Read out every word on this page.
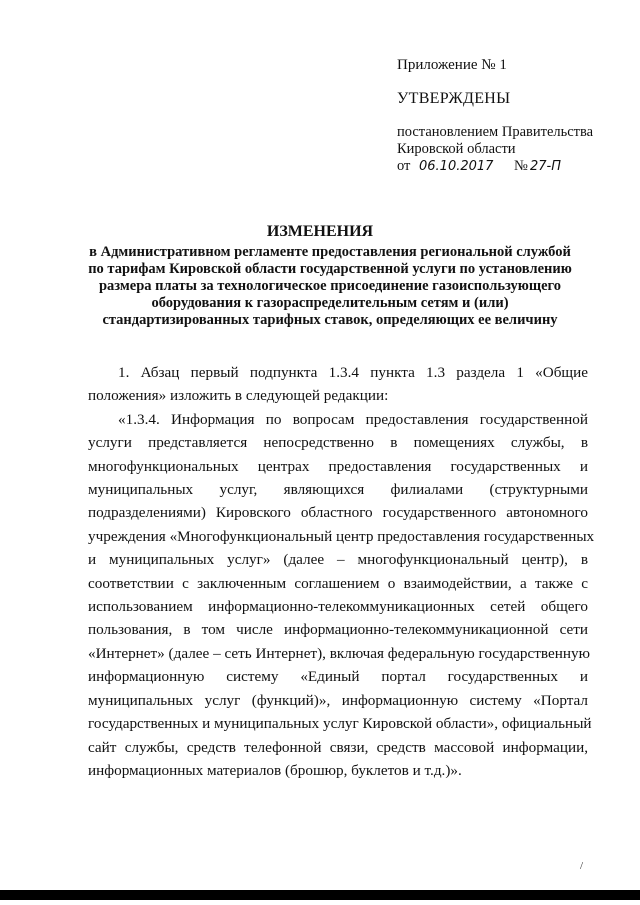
Приложение № 1
УТВЕРЖДЕНЫ
постановлением Правительства
Кировской области
от 06.10.2017 № 27-П
ИЗМЕНЕНИЯ
в Административном регламенте предоставления региональной службой
по тарифам Кировской области государственной услуги по установлению
размера платы за технологическое присоединение газоиспользующего
оборудования к газораспределительным сетям и (или)
стандартизированных тарифных ставок, определяющих ее величину
1. Абзац первый подпункта 1.3.4 пункта 1.3 раздела 1 «Общие
положения» изложить в следующей редакции:
«1.3.4. Информация по вопросам предоставления государственной
услуги представляется непосредственно в помещениях службы, в
многофункциональных центрах предоставления государственных и
муниципальных услуг, являющихся филиалами (структурными
подразделениями) Кировского областного государственного автономного
учреждения «Многофункциональный центр предоставления государственных
и муниципальных услуг» (далее – многофункциональный центр), в
соответствии с заключенным соглашением о взаимодействии, а также с
использованием информационно-телекоммуникационных сетей общего
пользования, в том числе информационно-телекоммуникационной сети
«Интернет» (далее – сеть Интернет), включая федеральную государственную
информационную систему «Единый портал государственных и
муниципальных услуг (функций)», информационную систему «Портал
государственных и муниципальных услуг Кировской области», официальный
сайт службы, средств телефонной связи, средств массовой информации,
информационных материалов (брошюр, буклетов и т.д.)».
/
